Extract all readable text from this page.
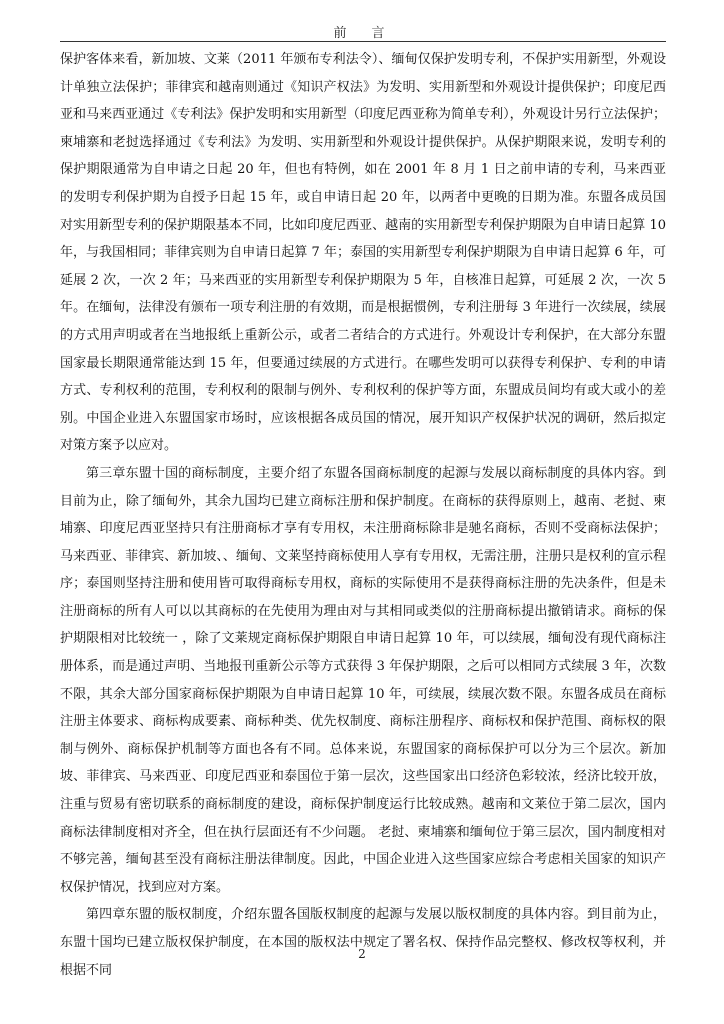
前　言

保护客体来看，新加坡、文莱（2011 年颁布专利法令）、缅甸仅保护发明专利，不保护实用新型，外观设计单独立法保护；菲律宾和越南则通过《知识产权法》为发明、实用新型和外观设计提供保护；印度尼西亚和马来西亚通过《专利法》保护发明和实用新型（印度尼西亚称为简单专利），外观设计另行立法保护；柬埔寨和老挝选择通过《专利法》为发明、实用新型和外观设计提供保护。从保护期限来说，发明专利的保护期限通常为自申请之日起 20 年，但也有特例，如在 2001 年 8 月 1 日之前申请的专利，马来西亚的发明专利保护期为自授予日起 15 年，或自申请日起 20 年，以两者中更晚的日期为准。东盟各成员国对实用新型专利的保护期限基本不同，比如印度尼西亚、越南的实用新型专利保护期限为自申请日起算 10 年，与我国相同；菲律宾则为自申请日起算 7 年；泰国的实用新型专利保护期限为自申请日起算 6 年，可延展 2 次，一次 2 年；马来西亚的实用新型专利保护期限为 5 年，自核准日起算，可延展 2 次，一次 5 年。在缅甸，法律没有颁布一项专利注册的有效期，而是根据惯例，专利注册每 3 年进行一次续展，续展的方式用声明或者在当地报纸上重新公示，或者二者结合的方式进行。外观设计专利保护，在大部分东盟国家最长期限通常能达到 15 年，但要通过续展的方式进行。在哪些发明可以获得专利保护、专利的申请方式、专利权利的范围，专利权利的限制与例外、专利权利的保护等方面，东盟成员间均有或大或小的差别。中国企业进入东盟国家市场时，应该根据各成员国的情况，展开知识产权保护状况的调研，然后拟定对策方案予以应对。

第三章东盟十国的商标制度，主要介绍了东盟各国商标制度的起源与发展以商标制度的具体内容。到目前为止，除了缅甸外，其余九国均已建立商标注册和保护制度。在商标的获得原则上，越南、老挝、柬埔寨、印度尼西亚坚持只有注册商标才享有专用权，未注册商标除非是驰名商标，否则不受商标法保护；马来西亚、菲律宾、新加坡、、缅甸、文莱坚持商标使用人享有专用权，无需注册，注册只是权利的宣示程序；泰国则坚持注册和使用皆可取得商标专用权，商标的实际使用不是获得商标注册的先决条件，但是未注册商标的所有人可以以其商标的在先使用为理由对与其相同或类似的注册商标提出撤销请求。商标的保护期限相对比较统一 ，除了文莱规定商标保护期限自申请日起算 10 年，可以续展，缅甸没有现代商标注册体系，而是通过声明、当地报刊重新公示等方式获得 3 年保护期限，之后可以相同方式续展 3 年，次数不限，其余大部分国家商标保护期限为自申请日起算 10 年，可续展，续展次数不限。东盟各成员在商标注册主体要求、商标构成要素、商标种类、优先权制度、商标注册程序、商标权和保护范围、商标权的限制与例外、商标保护机制等方面也各有不同。总体来说，东盟国家的商标保护可以分为三个层次。新加坡、菲律宾、马来西亚、印度尼西亚和泰国位于第一层次，这些国家出口经济色彩较浓，经济比较开放，注重与贸易有密切联系的商标制度的建设，商标保护制度运行比较成熟。越南和文莱位于第二层次，国内商标法律制度相对齐全，但在执行层面还有不少问题。 老挝、柬埔寨和缅甸位于第三层次，国内制度相对不够完善，缅甸甚至没有商标注册法律制度。因此，中国企业进入这些国家应综合考虑相关国家的知识产权保护情况，找到应对方案。

第四章东盟的版权制度，介绍东盟各国版权制度的起源与发展以版权制度的具体内容。到目前为止，东盟十国均已建立版权保护制度，在本国的版权法中规定了署名权、保持作品完整权、修改权等权利，并根据不同

2
